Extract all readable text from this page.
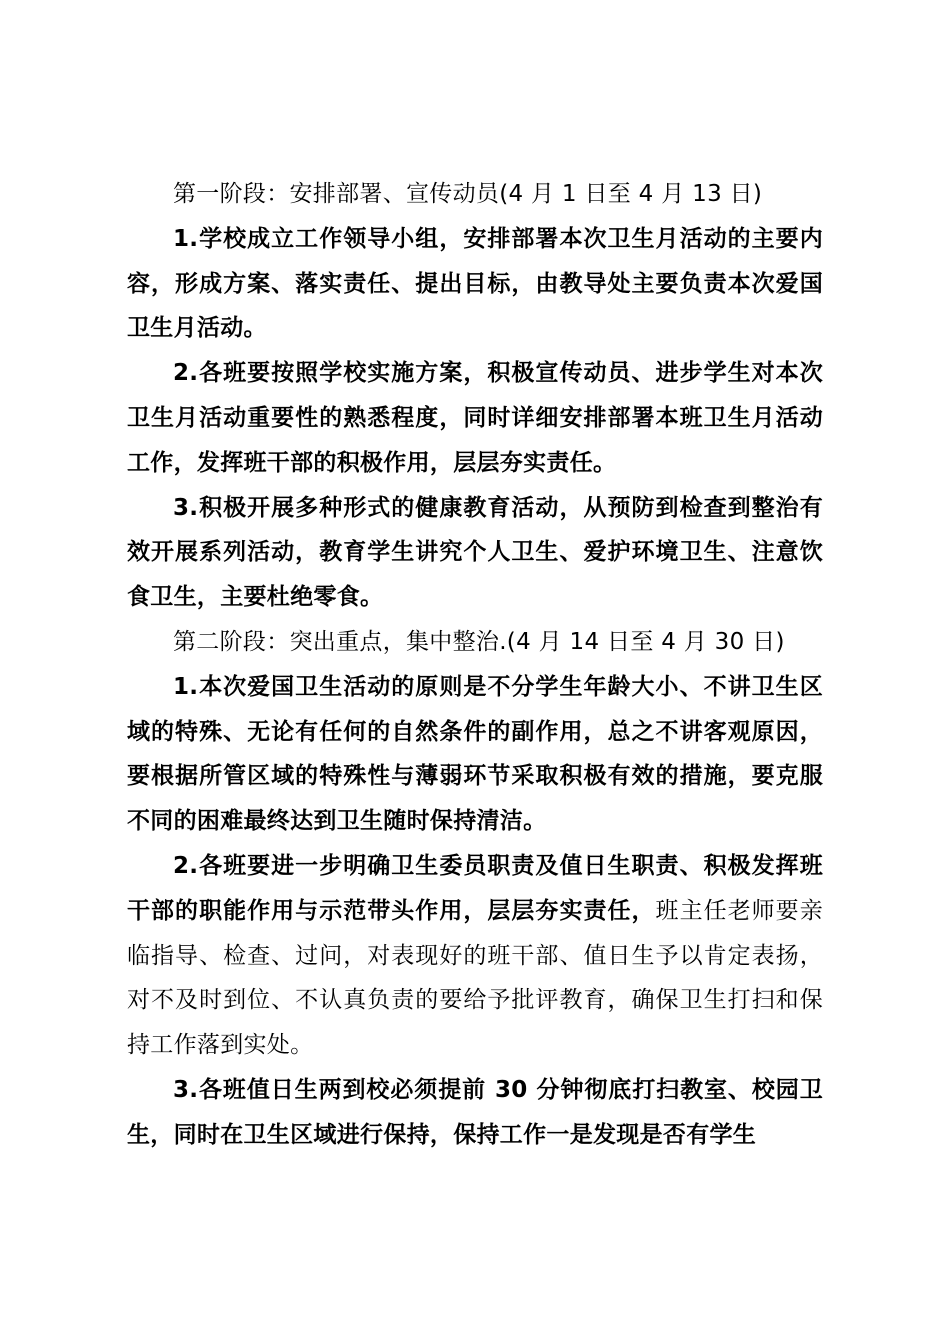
第一阶段：安排部署、宣传动员(4 月 1 日至 4 月 13 日)

1.学校成立工作领导小组，安排部署本次卫生月活动的主要内容，形成方案、落实责任、提出目标，由教导处主要负责本次爱国卫生月活动。

2.各班要按照学校实施方案，积极宣传动员、进步学生对本次卫生月活动重要性的熟悉程度，同时详细安排部署本班卫生月活动工作，发挥班干部的积极作用，层层夯实责任。

3.积极开展多种形式的健康教育活动，从预防到检查到整治有效开展系列活动，教育学生讲究个人卫生、爱护环境卫生、注意饮食卫生，主要杜绝零食。

第二阶段：突出重点，集中整治.(4 月 14 日至 4 月 30 日)

1.本次爱国卫生活动的原则是不分学生年龄大小、不讲卫生区域的特殊、无论有任何的自然条件的副作用，总之不讲客观原因，要根据所管区域的特殊性与薄弱环节采取积极有效的措施，要克服不同的困难最终达到卫生随时保持清洁。

2.各班要进一步明确卫生委员职责及值日生职责、积极发挥班干部的职能作用与示范带头作用，层层夯实责任，班主任老师要亲临指导、检查、过问，对表现好的班干部、值日生予以肯定表扬，对不及时到位、不认真负责的要给予批评教育，确保卫生打扫和保持工作落到实处。

3.各班值日生两到校必须提前 30 分钟彻底打扫教室、校园卫生，同时在卫生区域进行保持，保持工作一是发现是否有学生
